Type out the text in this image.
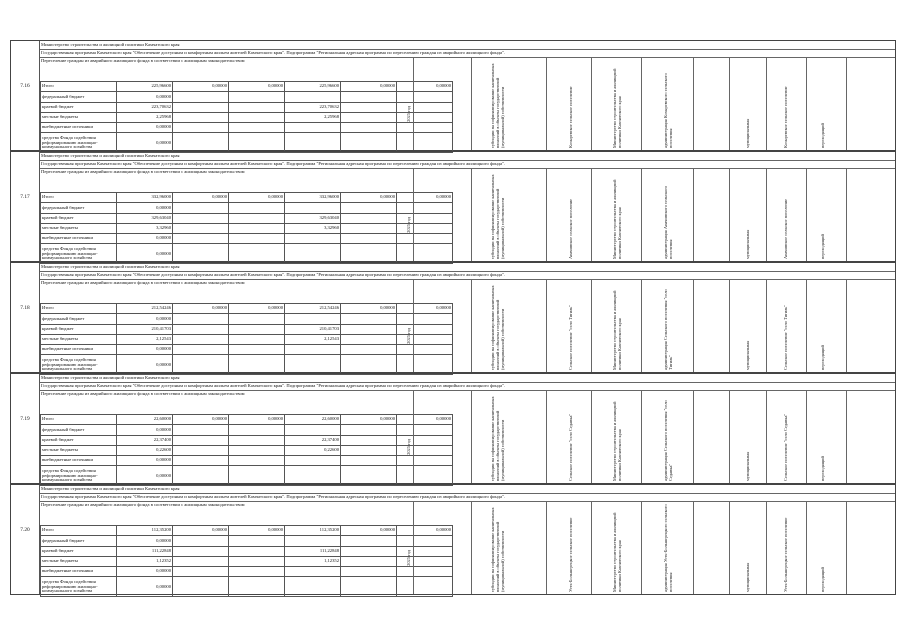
Министерство строительства и жилищной политики Камчатского края
Государственная программа Камчатского края "Обеспечение доступным и комфортным жильем жителей Камчатского края". Подпрограмма "Региональная адресная программа по переселению граждан из аварийного жилищного фонда".
Переселение граждан из аварийного жилищного фонда в соответствии с жилищным законодательством
7.16	Итого	225,96600	0,00000	0,00000	225,96600	0,00000	0,00000
федеральный бюджет	0,00000					
краевой бюджет	223,70632			223,70632		
местные бюджеты	2,25968			2,25968		
внебюджетные источники	0,00000					
средства Фонда содействия реформированию жилищно-коммунального хозяйства	0,00000					
2025 год	субсидии на софинансирование капитальных вложений в объекты государственной (муниципальной) собственности	Козыревское сельское поселение	Министерство строительства и жилищной политики Камчатского края	администрация Козыревского сельского поселения	муниципальная	Козыревское сельское поселение	переходящий
Министерство строительства и жилищной политики Камчатского края
Государственная программа Камчатского края "Обеспечение доступным и комфортным жильем жителей Камчатского края". Подпрограмма "Региональная адресная программа по переселению граждан из аварийного жилищного фонда".
Переселение граждан из аварийного жилищного фонда в соответствии с жилищным законодательством
7.17	Итого	332,96000	0,00000	0,00000	332,96000	0,00000	0,00000
федеральный бюджет	0,00000					
краевой бюджет	329,63040			329,63040		
местные бюджеты	3,32960			3,32960		
внебюджетные источники	0,00000					
средства Фонда содействия реформированию жилищно-коммунального хозяйства	0,00000					
2025 год	субсидии на софинансирование капитальных вложений в объекты государственной (муниципальной) собственности	Апачинское сельское поселение	Министерство строительства и жилищной политики Камчатского края	администрация Апачинского сельского поселения	муниципальная	Апачинское сельское поселение	переходящий
Министерство строительства и жилищной политики Камчатского края
Государственная программа Камчатского края "Обеспечение доступным и комфортным жильем жителей Камчатского края". Подпрограмма "Региональная адресная программа по переселению граждан из аварийного жилищного фонда".
Переселение граждан из аварийного жилищного фонда в соответствии с жилищным законодательством
7.18	Итого	212,54246	0,00000	0,00000	212,54246	0,00000	0,00000
федеральный бюджет	0,00000					
краевой бюджет	210,41703			210,41703		
местные бюджеты	2,12543			2,12543		
внебюджетные источники	0,00000					
средства Фонда содействия реформированию жилищно-коммунального хозяйства	0,00000					
2025 год	субсидии на софинансирование капитальных вложений в объекты государственной (муниципальной) собственности	Сельское поселение "село Тигиль"	Министерство строительства и жилищной политики Камчатского края	администрация Сельского поселения "село Тигиль"	муниципальная	Сельское поселение "село Тигиль"	переходящий
Министерство строительства и жилищной политики Камчатского края
Государственная программа Камчатского края "Обеспечение доступным и комфортным жильем жителей Камчатского края". Подпрограмма "Региональная адресная программа по переселению граждан из аварийного жилищного фонда".
Переселение граждан из аварийного жилищного фонда в соответствии с жилищным законодательством
7.19	Итого	22,60000	0,00000	0,00000	22,60000	0,00000	0,00000
федеральный бюджет	0,00000					
краевой бюджет	22,37400			22,37400		
местные бюджеты	0,22600			0,22600		
внебюджетные источники	0,00000					
средства Фонда содействия реформированию жилищно-коммунального хозяйства	0,00000					
2025 год	субсидии на софинансирование капитальных вложений в объекты государственной (муниципальной) собственности	Сельское поселение "село Седанка"	Министерство строительства и жилищной политики Камчатского края	администрация Сельского поселения "село Седанка"	муниципальная	Сельское поселение "село Седанка"	переходящий
Министерство строительства и жилищной политики Камчатского края
Государственная программа Камчатского края "Обеспечение доступным и комфортным жильем жителей Камчатского края". Подпрограмма "Региональная адресная программа по переселению граждан из аварийного жилищного фонда".
Переселение граждан из аварийного жилищного фонда в соответствии с жилищным законодательством
7.20	Итого	112,35200	0,00000	0,00000	112,35200	0,00000	0,00000
федеральный бюджет	0,00000					
краевой бюджет	111,22848			111,22848		
местные бюджеты	1,12352			1,12352		
внебюджетные источники	0,00000					
средства Фонда содействия реформированию жилищно-коммунального хозяйства	0,00000					
2025 год	субсидии на софинансирование капитальных вложений в объекты государственной (муниципальной) собственности	Усть-Большерецкое сельское поселение	Министерство строительства и жилищной политики Камчатского края	администрация Усть-Большерецкого сельского поселения	муниципальная	Усть-Большерецкое сельское поселение	переходящий
